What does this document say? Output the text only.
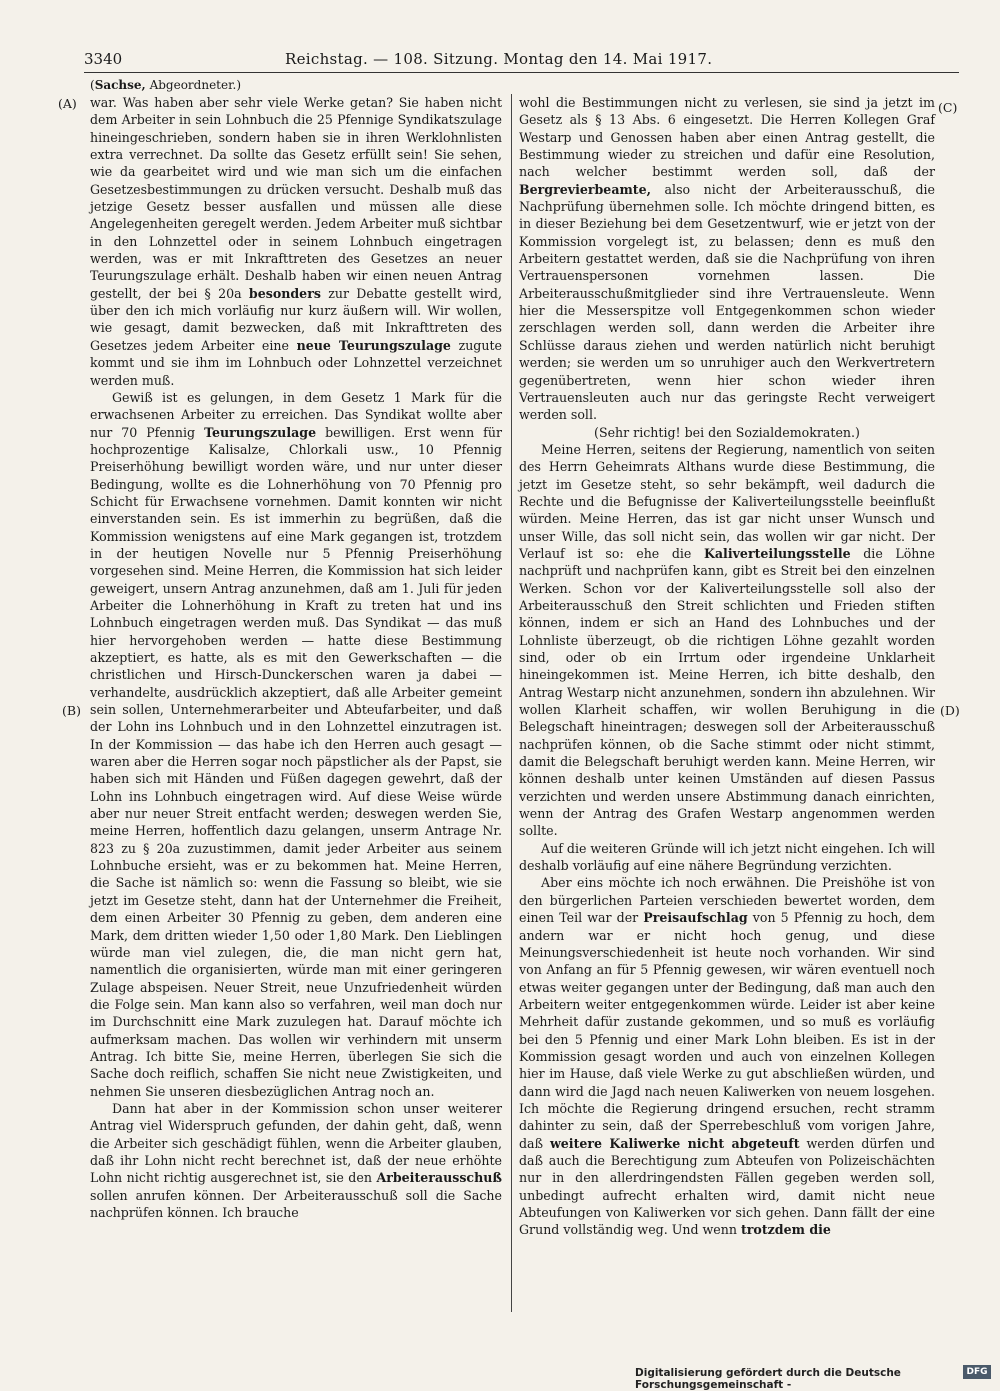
3340	Reichstag. — 108. Sitzung. Montag den 14. Mai 1917.
(Sachse, Abgeordneter.)
(A)
(B)
(C)
(D)

war. Was haben aber sehr viele Werke getan? Sie haben nicht dem Arbeiter in sein Lohnbuch die 25 Pfennige Syndikatszulage hineingeschrieben, sondern haben sie in ihren Werklohnlisten extra verrechnet. Da sollte das Gesetz erfüllt sein! Sie sehen, wie da gearbeitet wird und wie man sich um die einfachen Gesetzesbestimmungen zu drücken versucht. Deshalb muß das jetzige Gesetz besser ausfallen und müssen alle diese Angelegenheiten geregelt werden. Jedem Arbeiter muß sichtbar in den Lohnzettel oder in seinem Lohnbuch eingetragen werden, was er mit Inkrafttreten des Gesetzes an neuer Teurungszulage erhält. Deshalb haben wir einen neuen Antrag gestellt, der bei § 20a besonders zur Debatte gestellt wird, über den ich mich vorläufig nur kurz äußern will. Wir wollen, wie gesagt, damit bezwecken, daß mit Inkrafttreten des Gesetzes jedem Arbeiter eine neue Teurungszulage zugute kommt und sie ihm im Lohnbuch oder Lohnzettel verzeichnet werden muß.

Gewiß ist es gelungen, in dem Gesetz 1 Mark für die erwachsenen Arbeiter zu erreichen. Das Syndikat wollte aber nur 70 Pfennig Teurungszulage bewilligen. Erst wenn für hochprozentige Kalisalze, Chlorkali usw., 10 Pfennig Preiserhöhung bewilligt worden wäre, und nur unter dieser Bedingung, wollte es die Lohnerhöhung von 70 Pfennig pro Schicht für Erwachsene vornehmen. Damit konnten wir nicht einverstanden sein. Es ist immerhin zu begrüßen, daß die Kommission wenigstens auf eine Mark gegangen ist, trotzdem in der heutigen Novelle nur 5 Pfennig Preiserhöhung vorgesehen sind. Meine Herren, die Kommission hat sich leider geweigert, unsern Antrag anzunehmen, daß am 1. Juli für jeden Arbeiter die Lohnerhöhung in Kraft zu treten hat und ins Lohnbuch eingetragen werden muß. Das Syndikat — das muß hier hervorgehoben werden — hatte diese Bestimmung akzeptiert, es hatte, als es mit den Gewerkschaften — die christlichen und Hirsch-Dunckerschen waren ja dabei — verhandelte, ausdrücklich akzeptiert, daß alle Arbeiter gemeint sein sollen, Unternehmerarbeiter und Abteufarbeiter, und daß der Lohn ins Lohnbuch und in den Lohnzettel einzutragen ist. In der Kommission — das habe ich den Herren auch gesagt — waren aber die Herren sogar noch päpstlicher als der Papst, sie haben sich mit Händen und Füßen dagegen gewehrt, daß der Lohn ins Lohnbuch eingetragen wird. Auf diese Weise würde aber nur neuer Streit entfacht werden; deswegen werden Sie, meine Herren, hoffentlich dazu gelangen, unserm Antrage Nr. 823 zu § 20a zuzustimmen, damit jeder Arbeiter aus seinem Lohnbuche ersieht, was er zu bekommen hat. Meine Herren, die Sache ist nämlich so: wenn die Fassung so bleibt, wie sie jetzt im Gesetze steht, dann hat der Unternehmer die Freiheit, dem einen Arbeiter 30 Pfennig zu geben, dem anderen eine Mark, dem dritten wieder 1,50 oder 1,80 Mark. Den Lieblingen würde man viel zulegen, die, die man nicht gern hat, namentlich die organisierten, würde man mit einer geringeren Zulage abspeisen. Neuer Streit, neue Unzufriedenheit würden die Folge sein. Man kann also so verfahren, weil man doch nur im Durchschnitt eine Mark zuzulegen hat. Darauf möchte ich aufmerksam machen. Das wollen wir verhindern mit unserm Antrag. Ich bitte Sie, meine Herren, überlegen Sie sich die Sache doch reiflich, schaffen Sie nicht neue Zwistigkeiten, und nehmen Sie unseren diesbezüglichen Antrag noch an.

Dann hat aber in der Kommission schon unser weiterer Antrag viel Widerspruch gefunden, der dahin geht, daß, wenn die Arbeiter sich geschädigt fühlen, wenn die Arbeiter glauben, daß ihr Lohn nicht recht berechnet ist, daß der neue erhöhte Lohn nicht richtig ausgerechnet ist, sie den Arbeiterausschuß sollen anrufen können. Der Arbeiterausschuß soll die Sache nachprüfen können. Ich brauche

wohl die Bestimmungen nicht zu verlesen, sie sind ja jetzt im Gesetz als § 13 Abs. 6 eingesetzt. Die Herren Kollegen Graf Westarp und Genossen haben aber einen Antrag gestellt, die Bestimmung wieder zu streichen und dafür eine Resolution, nach welcher bestimmt werden soll, daß der Bergrevierbeamte, also nicht der Arbeiterausschuß, die Nachprüfung übernehmen solle. Ich möchte dringend bitten, es in dieser Beziehung bei dem Gesetzentwurf, wie er jetzt von der Kommission vorgelegt ist, zu belassen; denn es muß den Arbeitern gestattet werden, daß sie die Nachprüfung von ihren Vertrauenspersonen vornehmen lassen. Die Arbeiterausschußmitglieder sind ihre Vertrauensleute. Wenn hier die Messerspitze voll Entgegenkommen schon wieder zerschlagen werden soll, dann werden die Arbeiter ihre Schlüsse daraus ziehen und werden natürlich nicht beruhigt werden; sie werden um so unruhiger auch den Werkvertretern gegenübertreten, wenn hier schon wieder ihren Vertrauensleuten auch nur das geringste Recht verweigert werden soll.

(Sehr richtig! bei den Sozialdemokraten.)

Meine Herren, seitens der Regierung, namentlich von seiten des Herrn Geheimrats Althans wurde diese Bestimmung, die jetzt im Gesetze steht, so sehr bekämpft, weil dadurch die Rechte und die Befugnisse der Kaliverteilungsstelle beeinflußt würden. Meine Herren, das ist gar nicht unser Wunsch und unser Wille, das soll nicht sein, das wollen wir gar nicht. Der Verlauf ist so: ehe die Kaliverteilungsstelle die Löhne nachprüft und nachprüfen kann, gibt es Streit bei den einzelnen Werken. Schon vor der Kaliverteilungsstelle soll also der Arbeiterausschuß den Streit schlichten und Frieden stiften können, indem er sich an Hand des Lohnbuches und der Lohnliste überzeugt, ob die richtigen Löhne gezahlt worden sind, oder ob ein Irrtum oder irgendeine Unklarheit hineingekommen ist. Meine Herren, ich bitte deshalb, den Antrag Westarp nicht anzunehmen, sondern ihn abzulehnen. Wir wollen Klarheit schaffen, wir wollen Beruhigung in die Belegschaft hineintragen; deswegen soll der Arbeiterausschuß nachprüfen können, ob die Sache stimmt oder nicht stimmt, damit die Belegschaft beruhigt werden kann. Meine Herren, wir können deshalb unter keinen Umständen auf diesen Passus verzichten und werden unsere Abstimmung danach einrichten, wenn der Antrag des Grafen Westarp angenommen werden sollte.

Auf die weiteren Gründe will ich jetzt nicht eingehen. Ich will deshalb vorläufig auf eine nähere Begründung verzichten.

Aber eins möchte ich noch erwähnen. Die Preishöhe ist von den bürgerlichen Parteien verschieden bewertet worden, dem einen Teil war der Preisaufschlag von 5 Pfennig zu hoch, dem andern war er nicht hoch genug, und diese Meinungsverschiedenheit ist heute noch vorhanden. Wir sind von Anfang an für 5 Pfennig gewesen, wir wären eventuell noch etwas weiter gegangen unter der Bedingung, daß man auch den Arbeitern weiter entgegenkommen würde. Leider ist aber keine Mehrheit dafür zustande gekommen, und so muß es vorläufig bei den 5 Pfennig und einer Mark Lohn bleiben. Es ist in der Kommission gesagt worden und auch von einzelnen Kollegen hier im Hause, daß viele Werke zu gut abschließen würden, und dann wird die Jagd nach neuen Kaliwerken von neuem losgehen. Ich möchte die Regierung dringend ersuchen, recht stramm dahinter zu sein, daß der Sperrebeschluß vom vorigen Jahre, daß weitere Kaliwerke nicht abgeteuft werden dürfen und daß auch die Berechtigung zum Abteufen von Polizeischächten nur in den allerdringendsten Fällen gegeben werden soll, unbedingt aufrecht erhalten wird, damit nicht neue Abteufungen von Kaliwerken vor sich gehen. Dann fällt der eine Grund vollständig weg. Und wenn trotzdem die

Digitalisierung gefördert durch die Deutsche Forschungsgemeinschaft -
DFG
